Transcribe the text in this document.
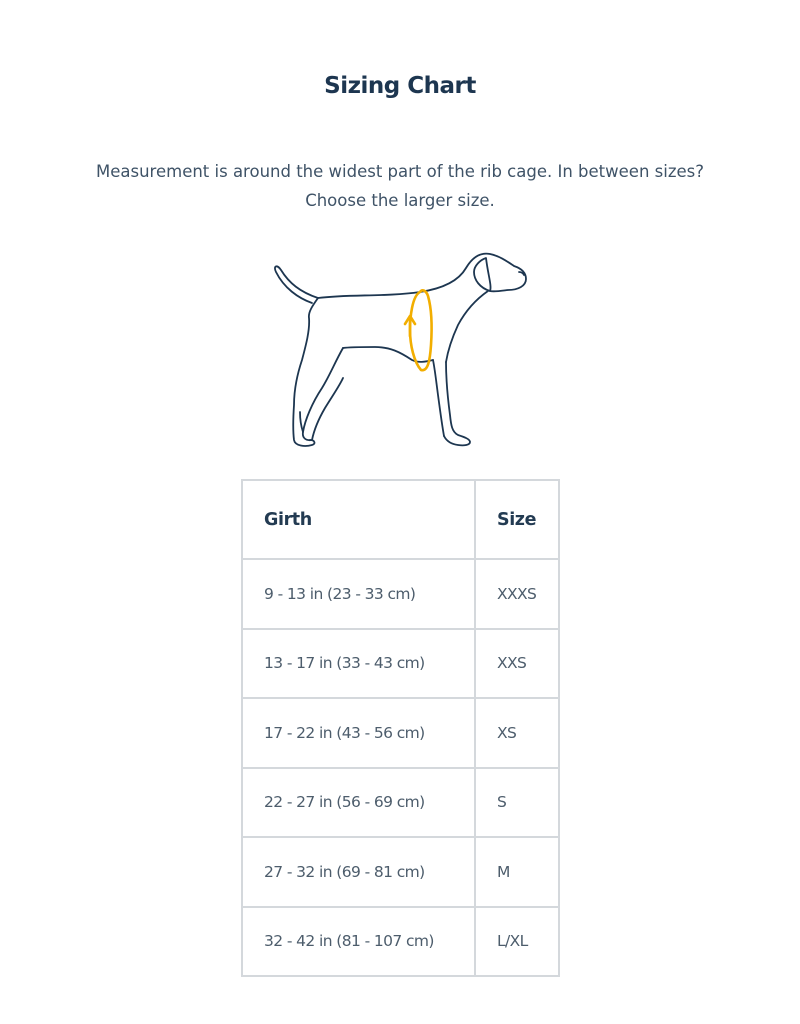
Sizing Chart

Measurement is around the widest part of the rib cage. In between sizes?
Choose the larger size.

Girth	Size
9 - 13 in (23 - 33 cm)	XXXS
13 - 17 in (33 - 43 cm)	XXS
17 - 22 in (43 - 56 cm)	XS
22 - 27 in (56 - 69 cm)	S
27 - 32 in (69 - 81 cm)	M
32 - 42 in (81 - 107 cm)	L/XL
